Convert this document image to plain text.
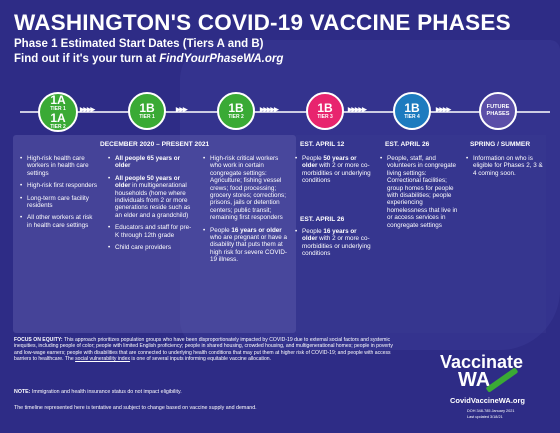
WASHINGTON'S COVID-19 VACCINE PHASES
Phase 1 Estimated Start Dates (Tiers A and B)
Find out if it's your turn at FindYourPhaseWA.org
▸▸▸▸	▸▸▸	▸▸▸▸▸	▸▸▸▸▸	▸▸▸▸
1A
TIER 1
1A
TIER 2
1B
TIER 1
1B
TIER 2
1B
TIER 3
1B
TIER 4
FUTURE
PHASES
DECEMBER 2020 – PRESENT 2021	EST. APRIL 12
EST. APRIL 26
EST. APRIL 26	SPRING / SUMMER
• High-risk health care workers in health care settings
• High-risk first responders
• Long-term care facility residents
• All other workers at risk in health care settings
• All people 65 years or older
• All people 50 years or older in multigenerational households (home where individuals from 2 or more generations reside such as an elder and a grandchild)
• Educators and staff for pre-K through 12th grade
• Child care providers
• High-risk critical workers who work in certain congregate settings: Agriculture; fishing vessel crews; food processing; grocery stores; corrections; prisons, jails or detention centers; public transit; remaining first responders
• People 16 years or older who are pregnant or have a disability that puts them at high risk for severe COVID-19 illness.
• People 50 years or older with 2 or more co-morbidities or underlying conditions
• People 16 years or older with 2 or more co-morbidities or underlying conditions
• People, staff, and volunteers in congregate living settings: Correctional facilities; group homes for people with disabilities; people experiencing homelessness that live in or access services in congregate settings
• Information on who is eligible for Phases 2, 3 & 4 coming soon.
FOCUS ON EQUITY: This approach prioritizes population groups who have been disproportionately impacted by COVID-19 due to external social factors and systemic inequities, including people of color; people with limited English proficiency; people in shared housing, crowded housing, and multigenerational homes; people in poverty and low-wage earners; people with disabilities that are connected to underlying health conditions that may put them at higher risk of COVID-19; and people with access barriers to healthcare. The social vulnerability index is one of several inputs informing equitable vaccine allocation.
NOTE: Immigration and health insurance status do not impact eligibility.
The timeline represented here is tentative and subject to change based on vaccine supply and demand.
Vaccinate
WA
CovidVaccineWA.org
DOH 348-785 January 2021
Last updated 3/18/21
